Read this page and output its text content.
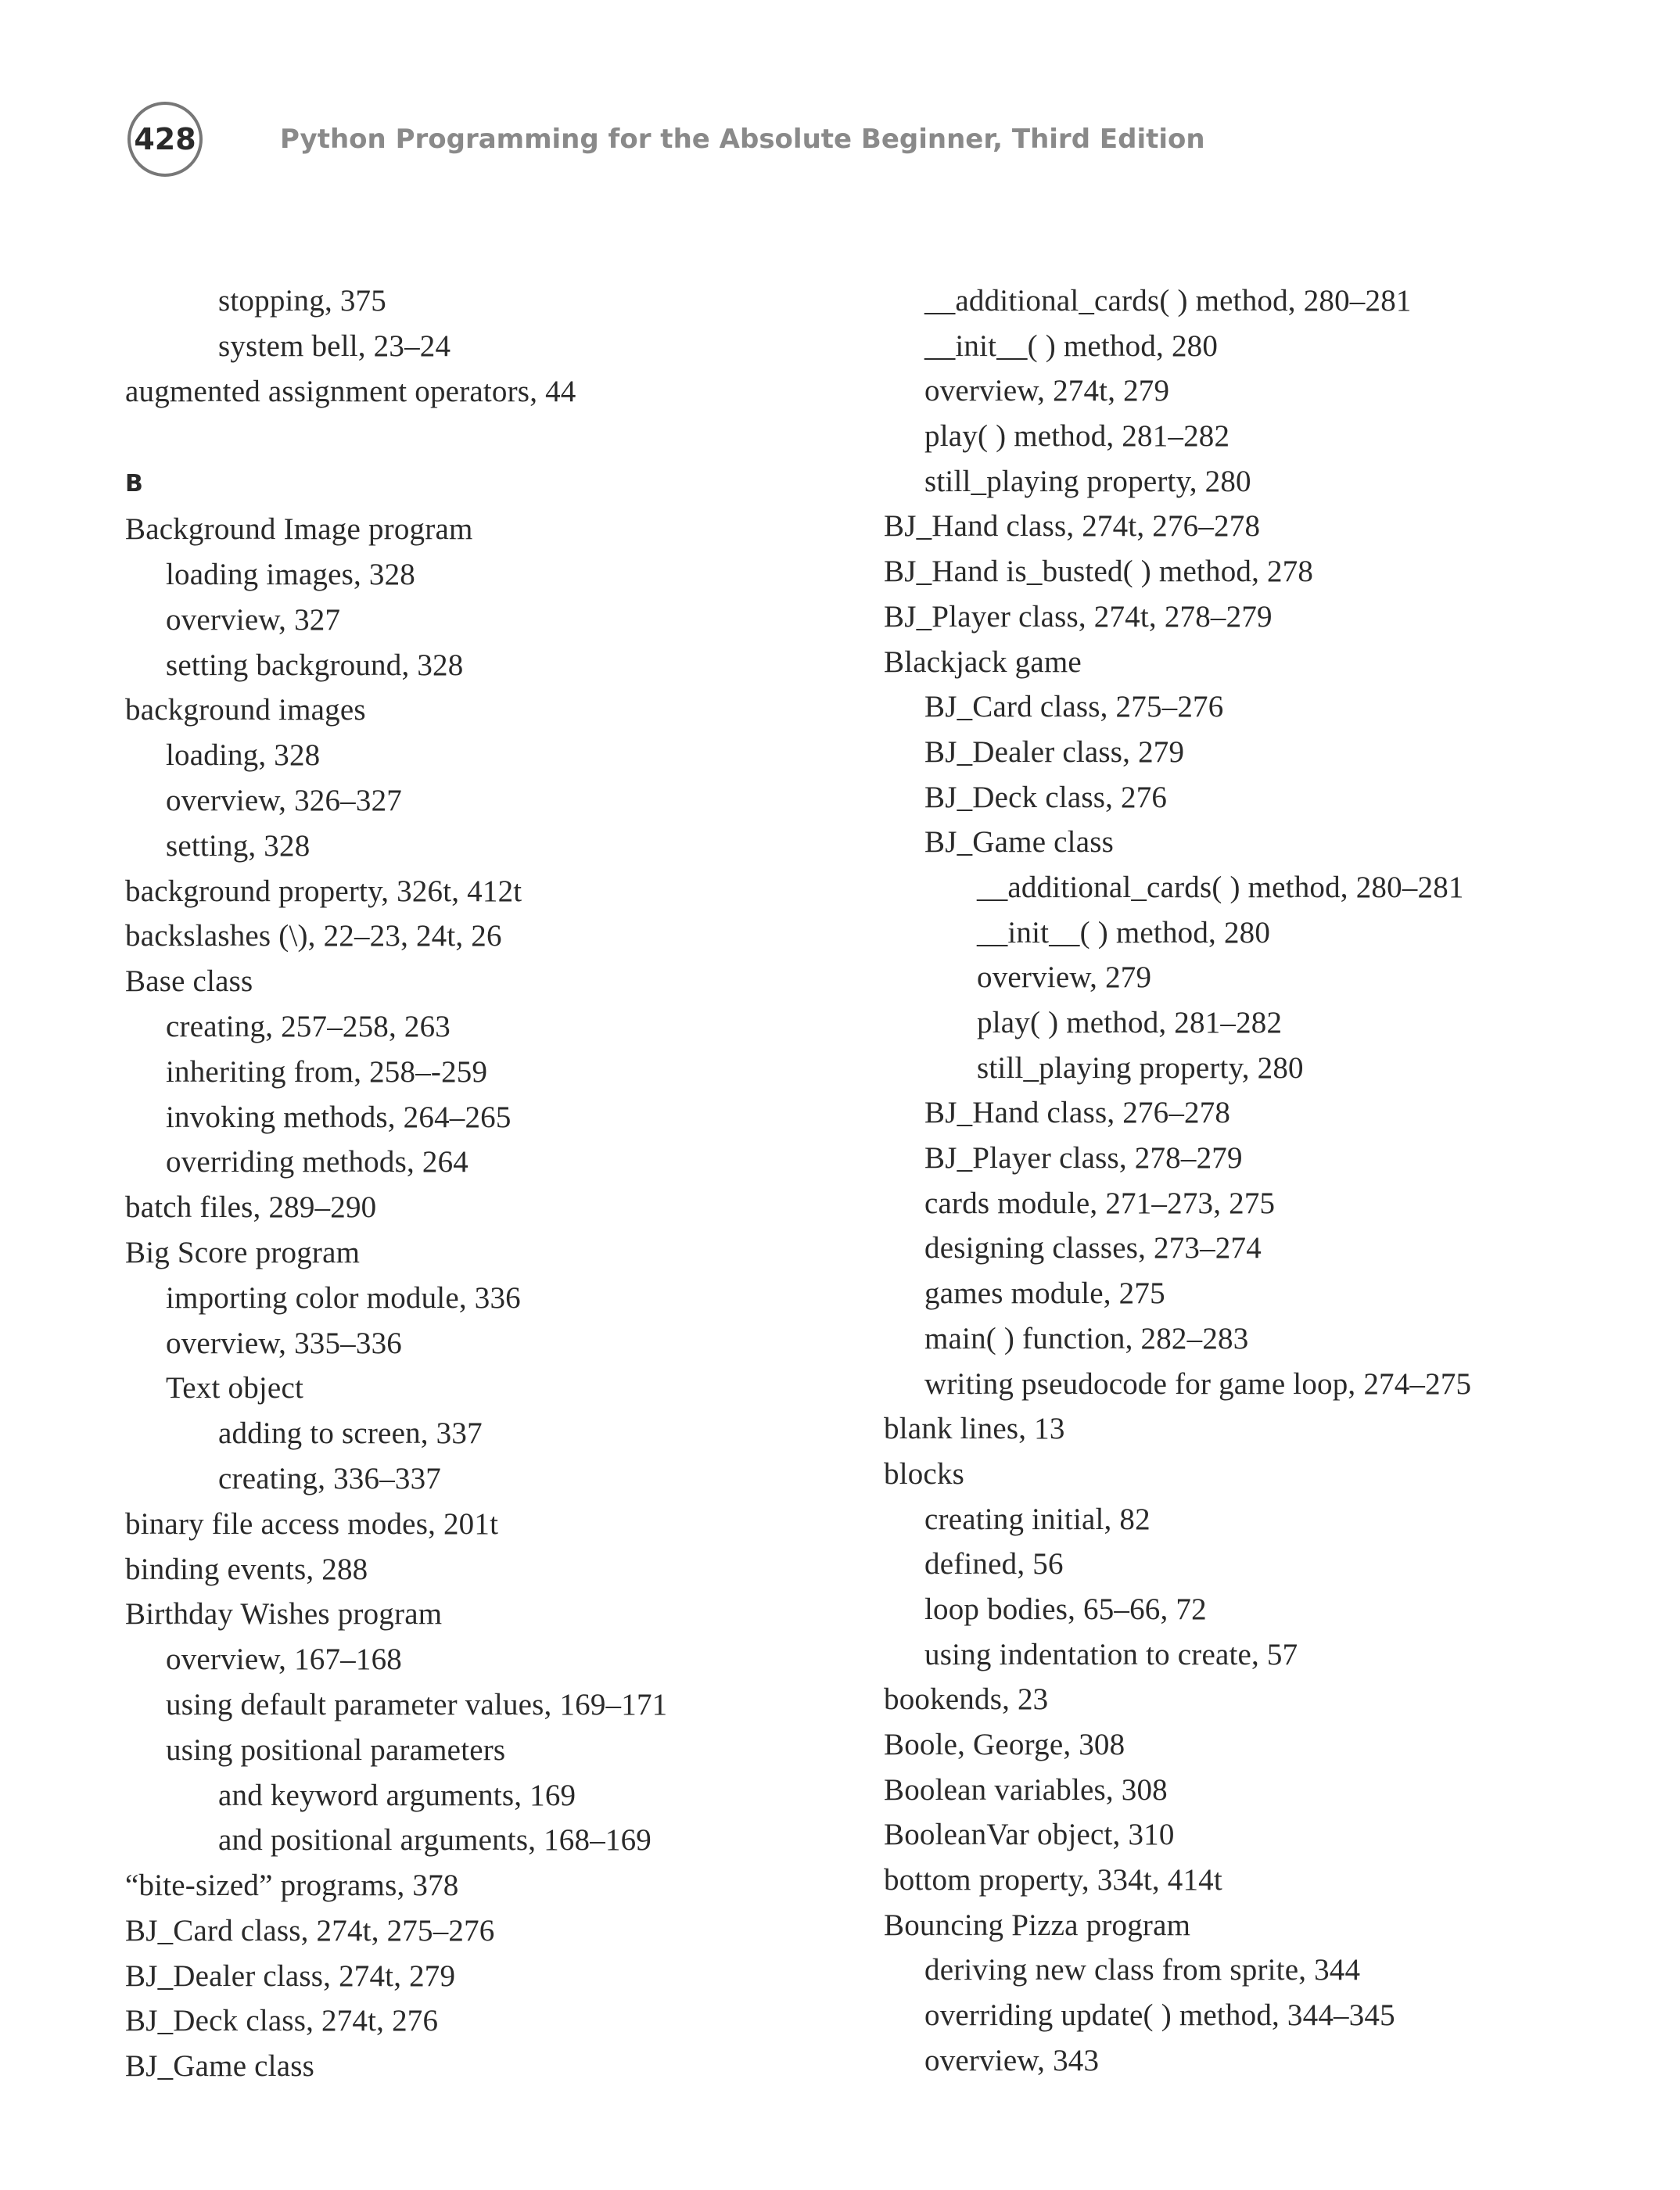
428	Python Programming for the Absolute Beginner, Third Edition
stopping, 375
system bell, 23–24
augmented assignment operators, 44
B
Background Image program
loading images, 328
overview, 327
setting background, 328
background images
loading, 328
overview, 326–327
setting, 328
background property, 326t, 412t
backslashes (\), 22–23, 24t, 26
Base class
creating, 257–258, 263
inheriting from, 258–-259
invoking methods, 264–265
overriding methods, 264
batch files, 289–290
Big Score program
importing color module, 336
overview, 335–336
Text object
adding to screen, 337
creating, 336–337
binary file access modes, 201t
binding events, 288
Birthday Wishes program
overview, 167–168
using default parameter values, 169–171
using positional parameters
and keyword arguments, 169
and positional arguments, 168–169
“bite-sized” programs, 378
BJ_Card class, 274t, 275–276
BJ_Dealer class, 274t, 279
BJ_Deck class, 274t, 276
BJ_Game class
__additional_cards( ) method, 280–281
__init__( ) method, 280
overview, 274t, 279
play( ) method, 281–282
still_playing property, 280
BJ_Hand class, 274t, 276–278
BJ_Hand is_busted( ) method, 278
BJ_Player class, 274t, 278–279
Blackjack game
BJ_Card class, 275–276
BJ_Dealer class, 279
BJ_Deck class, 276
BJ_Game class
__additional_cards( ) method, 280–281
__init__( ) method, 280
overview, 279
play( ) method, 281–282
still_playing property, 280
BJ_Hand class, 276–278
BJ_Player class, 278–279
cards module, 271–273, 275
designing classes, 273–274
games module, 275
main( ) function, 282–283
writing pseudocode for game loop, 274–275
blank lines, 13
blocks
creating initial, 82
defined, 56
loop bodies, 65–66, 72
using indentation to create, 57
bookends, 23
Boole, George, 308
Boolean variables, 308
BooleanVar object, 310
bottom property, 334t, 414t
Bouncing Pizza program
deriving new class from sprite, 344
overriding update( ) method, 344–345
overview, 343
